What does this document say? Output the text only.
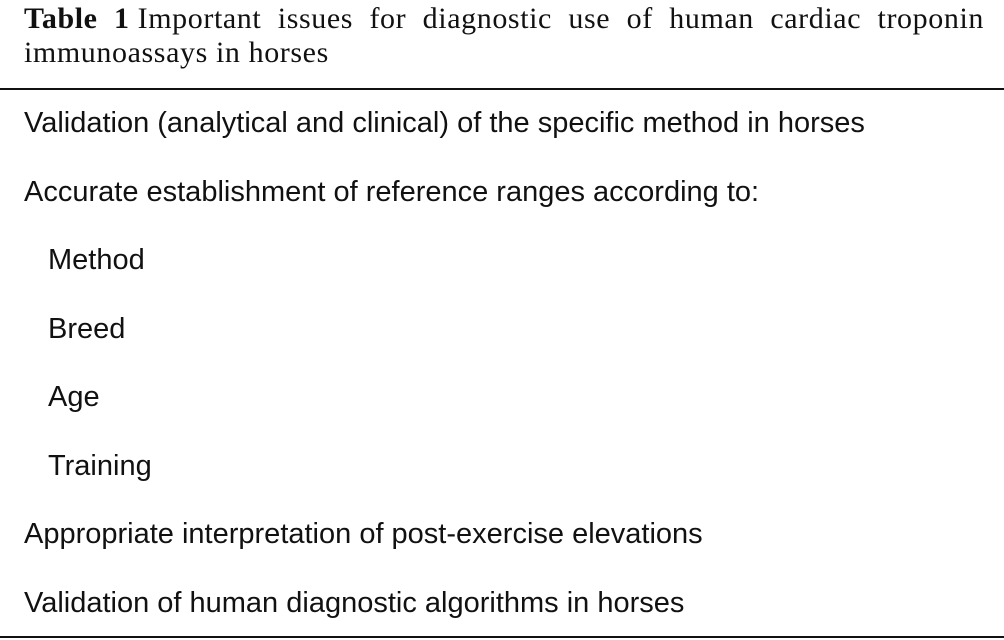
Table 1 Important issues for diagnostic use of human cardiac troponin immunoassays in horses
Validation (analytical and clinical) of the specific method in horses
Accurate establishment of reference ranges according to:
Method
Breed
Age
Training
Appropriate interpretation of post-exercise elevations
Validation of human diagnostic algorithms in horses
